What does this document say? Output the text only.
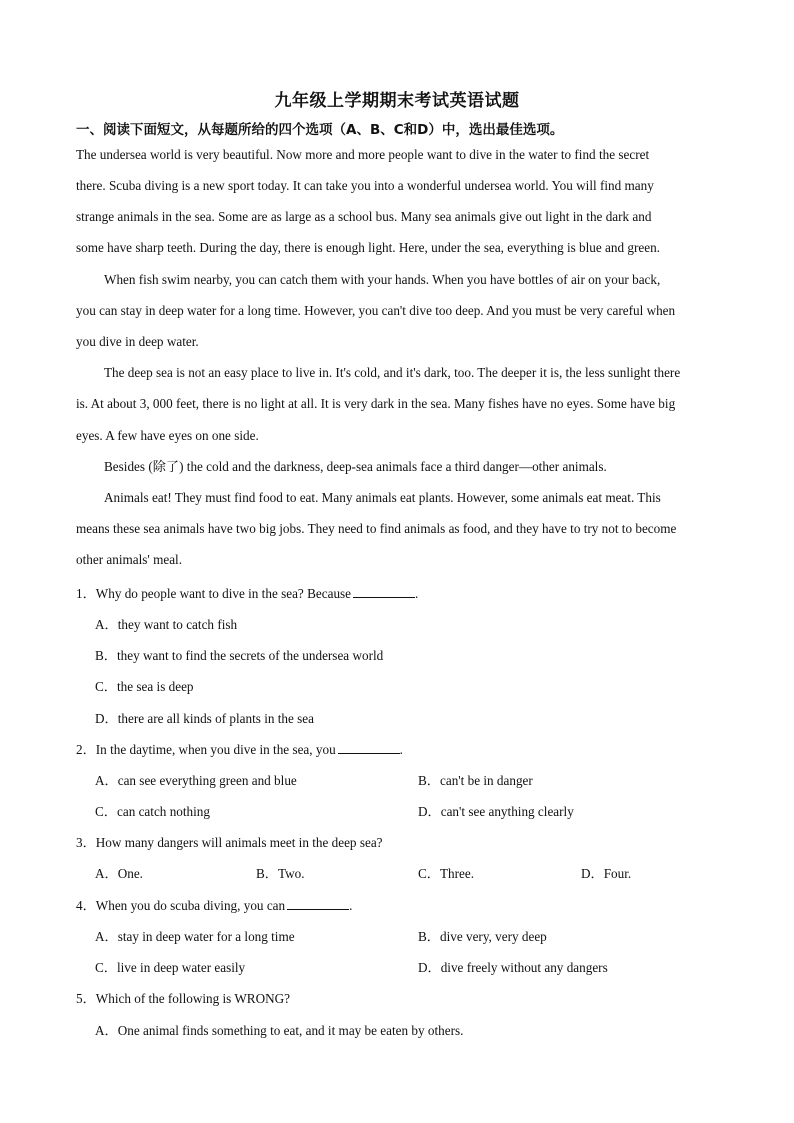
九年级上学期期末考试英语试题
一、阅读下面短文，从每题所给的四个选项（A、B、C和D）中，选出最佳选项。
The undersea world is very beautiful. Now more and more people want to dive in the water to find the secret
there. Scuba diving is a new sport today. It can take you into a wonderful undersea world. You will find many
strange animals in the sea. Some are as large as a school bus. Many sea animals give out light in the dark and
some have sharp teeth. During the day, there is enough light. Here, under the sea, everything is blue and green.
When fish swim nearby, you can catch them with your hands. When you have bottles of air on your back,
you can stay in deep water for a long time. However, you can't dive too deep. And you must be very careful when
you dive in deep water.
The deep sea is not an easy place to live in. It's cold, and it's dark, too. The deeper it is, the less sunlight there
is. At about 3, 000 feet, there is no light at all. It is very dark in the sea. Many fishes have no eyes. Some have big
eyes. A few have eyes on one side.
Besides (除了) the cold and the darkness, deep-sea animals face a third danger—other animals.
Animals eat! They must find food to eat. Many animals eat plants. However, some animals eat meat. This
means these sea animals have two big jobs. They need to find animals as food, and they have to try not to become
other animals' meal.
1．Why do people want to dive in the sea? Because	.
A．they want to catch fish
B．they want to find the secrets of the undersea world
C．the sea is deep
D．there are all kinds of plants in the sea
2．In the daytime, when you dive in the sea, you	.
A．can see everything green and blue	B．can't be in danger
C．can catch nothing	D．can't see anything clearly
3．How many dangers will animals meet in the deep sea?
A．One.	B．Two.	C．Three.	D．Four.
4．When you do scuba diving, you can	.
A．stay in deep water for a long time	B．dive very, very deep
C．live in deep water easily	D．dive freely without any dangers
5．Which of the following is WRONG?
A．One animal finds something to eat, and it may be eaten by others.
